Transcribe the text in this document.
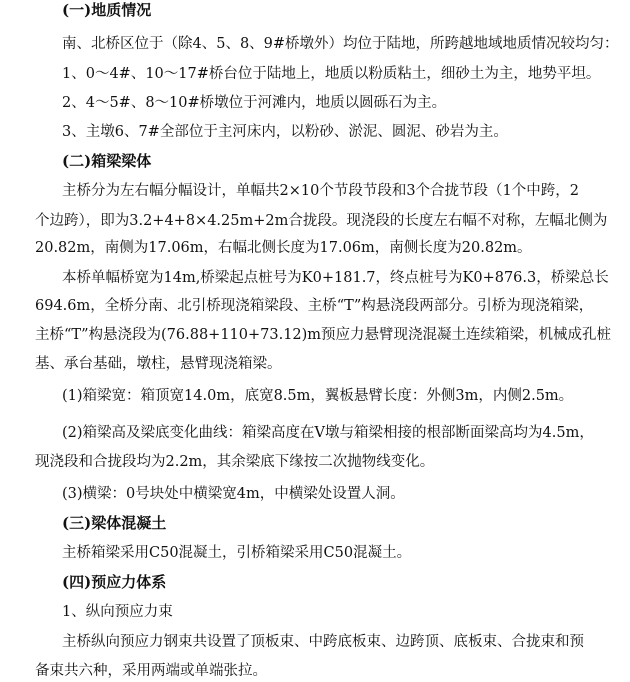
(一)地质情况
南、北桥区位于（除4、5、8、9#桥墩外）均位于陆地，所跨越地域地质情况较均匀：
1、0～4#、10～17#桥台位于陆地上，地质以粉质粘土，细砂土为主，地势平坦。
2、4～5#、8～10#桥墩位于河滩内，地质以圆砾石为主。
3、主墩6、7#全部位于主河床内，以粉砂、淤泥、圆泥、砂岩为主。
(二)箱梁梁体
主桥分为左右幅分幅设计，单幅共2×10个节段节段和3个合拢节段（1个中跨，2
个边跨），即为3.2+4+8×4.25m+2m合拢段。现浇段的长度左右幅不对称，左幅北侧为
20.82m，南侧为17.06m，右幅北侧长度为17.06m，南侧长度为20.82m。
本桥单幅桥宽为14m,桥梁起点桩号为K0+181.7，终点桩号为K0+876.3，桥梁总长
694.6m，全桥分南、北引桥现浇箱梁段、主桥“T”构悬浇段两部分。引桥为现浇箱梁，
主桥“T”构悬浇段为(76.88+110+73.12)m预应力悬臂现浇混凝土连续箱梁，机械成孔桩
基、承台基础，墩柱，悬臂现浇箱梁。
(1)箱梁宽：箱顶宽14.0m，底宽8.5m，翼板悬臂长度：外侧3m，内侧2.5m。
(2)箱梁高及梁底变化曲线：箱梁高度在V墩与箱梁相接的根部断面梁高均为4.5m，
现浇段和合拢段均为2.2m，其余梁底下缘按二次抛物线变化。
(3)横梁：0号块处中横梁宽4m，中横梁处设置人洞。
(三)梁体混凝土
主桥箱梁采用C50混凝土，引桥箱梁采用C50混凝土。
(四)预应力体系
1、纵向预应力束
主桥纵向预应力钢束共设置了顶板束、中跨底板束、边跨顶、底板束、合拢束和预
备束共六种，采用两端或单端张拉。
